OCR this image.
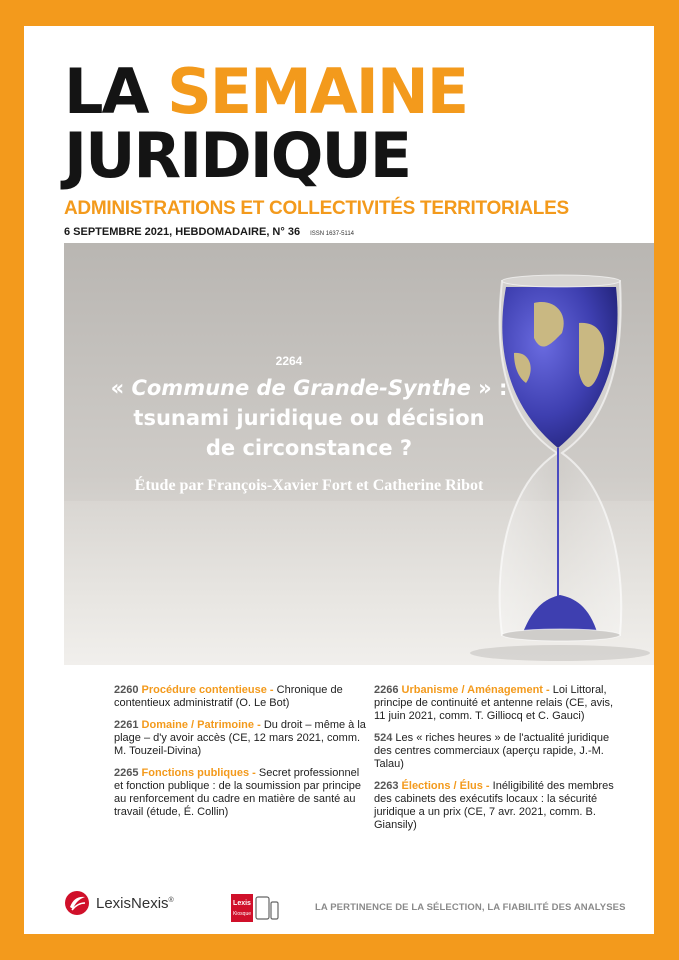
LA SEMAINE
JURIDIQUE
ADMINISTRATIONS ET COLLECTIVITÉS TERRITORIALES
6 SEPTEMBRE 2021, HEBDOMADAIRE, N° 36 ISSN 1637-5114
2264
« Commune de Grande-Synthe » :
tsunami juridique ou décision
de circonstance ?
Étude par François-Xavier Fort et Catherine Ribot
2260 Procédure contentieuse - Chronique de contentieux administratif (O. Le Bot)
2261 Domaine / Patrimoine - Du droit – même à la plage – d'y avoir accès (CE, 12 mars 2021, comm. M. Touzeil-Divina)
2265 Fonctions publiques - Secret professionnel et fonction publique : de la soumission par principe au renforcement du cadre en matière de santé au travail (étude, É. Collin)
2266 Urbanisme / Aménagement - Loi Littoral, principe de continuité et antenne relais (CE, avis, 11 juin 2021, comm. T. Gilliocq et C. Gauci)
524 Les « riches heures » de l'actualité juridique des centres commerciaux (aperçu rapide, J.-M. Talau)
2263 Élections / Élus - Inéligibilité des membres des cabinets des exécutifs locaux : la sécurité juridique a un prix (CE, 7 avr. 2021, comm. B. Giansily)
LexisNexis®	Lexis
Kiosque
LA PERTINENCE DE LA SÉLECTION, LA FIABILITÉ DES ANALYSES
